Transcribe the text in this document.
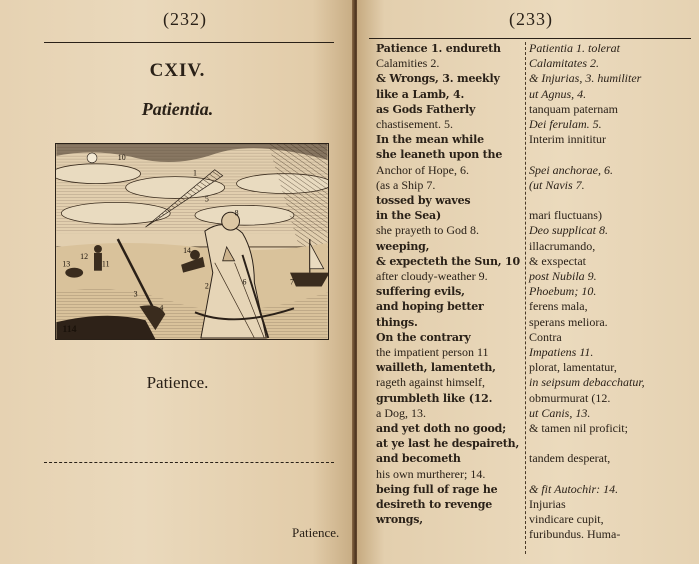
(232)
CXIV.
Patientia.
10
1
5
8
14
12
13	11
2
3
4
6	7
114
Patience.
Patience.
(233)
Patience 1. endureth
Calamities 2.
& Wrongs, 3. meekly
like a Lamb, 4.
as Gods Fatherly
chastisement. 5.
In the mean while
she leaneth upon the
Anchor of Hope, 6.
(as a Ship 7.
tossed by waves
in the Sea)
she prayeth to God 8.
weeping,
& expecteth the Sun, 10
after cloudy-weather 9.
suffering evils,
and hoping better
things.
On the contrary
the impatient person 11
wailleth, lamenteth,
rageth against himself,
grumbleth like (12.
a Dog, 13.
and yet doth no good;
at ye last he despaireth,
and becometh
his own murtherer; 14.
being full of rage he
desireth to revenge
wrongs,
Patientia 1. tolerat
Calamitates 2.
& Injurias, 3. humiliter
ut Agnus, 4.
tanquam paternam
Dei ferulam. 5.
Interim innititur
Spei anchorae, 6.
(ut Navis 7.
mari fluctuans)
Deo supplicat 8.
illacrumando,
& exspectat
post Nubila 9.
Phoebum; 10.
ferens mala,
sperans meliora.
Contra
Impatiens 11.
plorat, lamentatur,
in seipsum debacchatur,
obmurmurat (12.
ut Canis, 13.
& tamen nil proficit;
tandem desperat,
& fit Autochir: 14.
Injurias
vindicare cupit,
furibundus. Huma-
